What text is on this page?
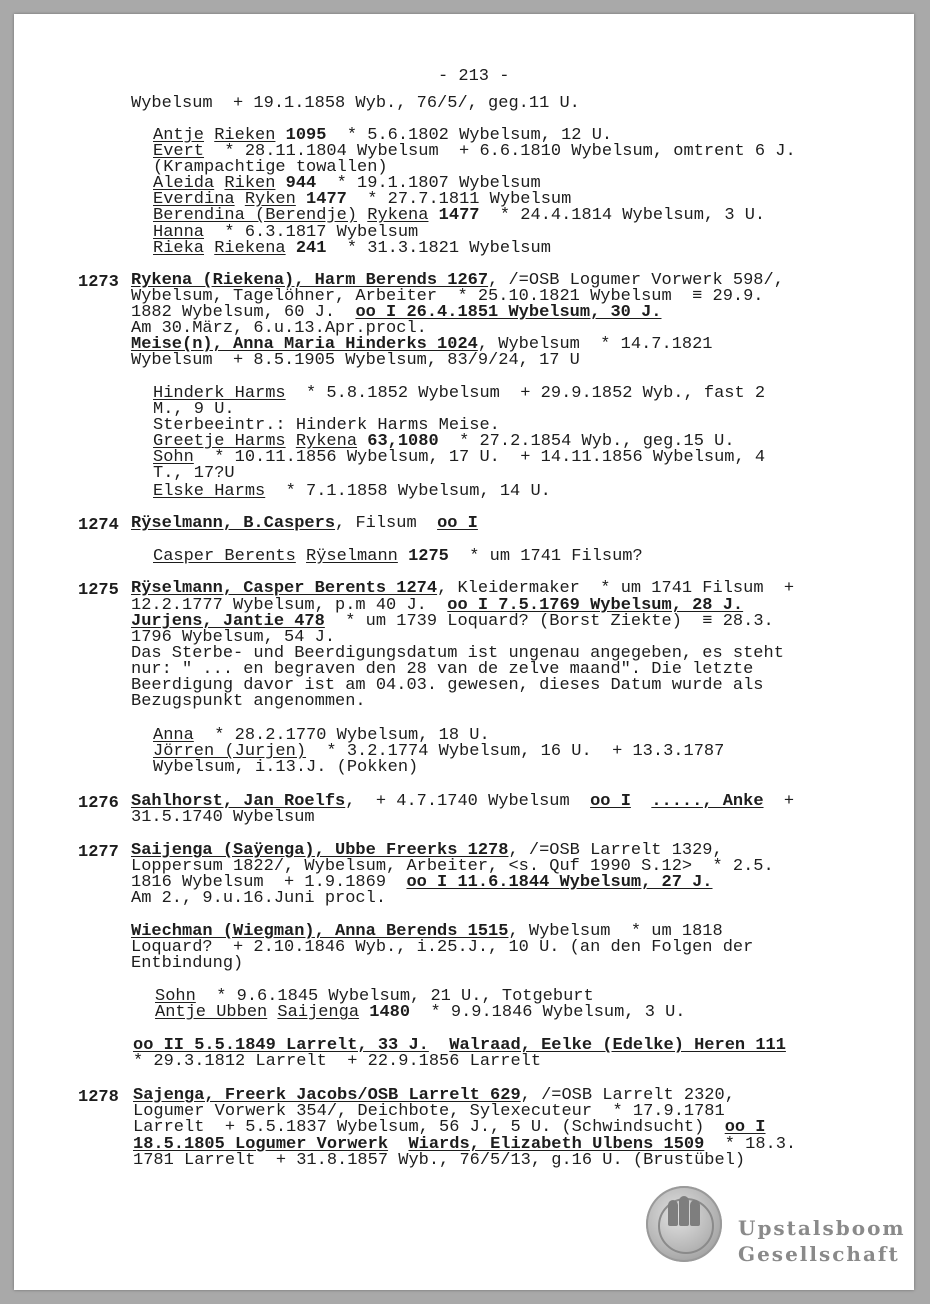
- 213 -
Wybelsum  + 19.1.1858 Wyb., 76/5/, geg.11 U.
Antje Rieken 1095  * 5.6.1802 Wybelsum, 12 U.
Evert  * 28.11.1804 Wybelsum  + 6.6.1810 Wybelsum, omtrent 6 J.
(Krampachtige towallen)
Aleida Riken 944  * 19.1.1807 Wybelsum
Everdina Ryken 1477  * 27.7.1811 Wybelsum
Berendina (Berendje) Rykena 1477  * 24.4.1814 Wybelsum, 3 U.
Hanna  * 6.3.1817 Wybelsum
Rieka Riekena 241  * 31.3.1821 Wybelsum
Rykena (Riekena), Harm Berends 1267, /=OSB Logumer Vorwerk 598/,
Wybelsum, Tagelöhner, Arbeiter  * 25.10.1821 Wybelsum  ≡ 29.9.
1882 Wybelsum, 60 J.  oo I 26.4.1851 Wybelsum, 30 J.
Am 30.März, 6.u.13.Apr.procl.
Meise(n), Anna Maria Hinderks 1024, Wybelsum  * 14.7.1821
Wybelsum  + 8.5.1905 Wybelsum, 83/9/24, 17 U
Hinderk Harms  * 5.8.1852 Wybelsum  + 29.9.1852 Wyb., fast 2
M., 9 U.
Sterbeeintr.: Hinderk Harms Meise.
Greetje Harms Rykena 63,1080  * 27.2.1854 Wyb., geg.15 U.
Sohn  * 10.11.1856 Wybelsum, 17 U.  + 14.11.1856 Wybelsum, 4
T., 17?U
Elske Harms  * 7.1.1858 Wybelsum, 14 U.
Rÿselmann, B.Caspers, Filsum  oo I
Casper Berents Rÿselmann 1275  * um 1741 Filsum?
Rÿselmann, Casper Berents 1274, Kleidermaker  * um 1741 Filsum  +
12.2.1777 Wybelsum, p.m 40 J.  oo I 7.5.1769 Wybelsum, 28 J.
Jurjens, Jantie 478  * um 1739 Loquard? (Borst Ziekte)  ≡ 28.3.
1796 Wybelsum, 54 J.
Das Sterbe- und Beerdigungsdatum ist ungenau angegeben, es steht
nur: " ... en begraven den 28 van de zelve maand". Die letzte
Beerdigung davor ist am 04.03. gewesen, dieses Datum wurde als
Bezugspunkt angenommen.
Anna  * 28.2.1770 Wybelsum, 18 U.
Jörren (Jurjen)  * 3.2.1774 Wybelsum, 16 U.  + 13.3.1787
Wybelsum, i.13.J. (Pokken)
Sahlhorst, Jan Roelfs,  + 4.7.1740 Wybelsum  oo I ....., Anke  +
31.5.1740 Wybelsum
Saijenga (Saÿenga), Ubbe Freerks 1278, /=OSB Larrelt 1329,
Loppersum 1822/, Wybelsum, Arbeiter, <s. Quf 1990 S.12>  * 2.5.
1816 Wybelsum  + 1.9.1869  oo I 11.6.1844 Wybelsum, 27 J.
Am 2., 9.u.16.Juni procl.
Wiechman (Wiegman), Anna Berends 1515, Wybelsum  * um 1818
Loquard?  + 2.10.1846 Wyb., i.25.J., 10 U. (an den Folgen der
Entbindung)
Sohn  * 9.6.1845 Wybelsum, 21 U., Totgeburt
Antje Ubben Saijenga 1480  * 9.9.1846 Wybelsum, 3 U.
oo II 5.5.1849 Larrelt, 33 J. Walraad, Eelke (Edelke) Heren 111
* 29.3.1812 Larrelt  + 22.9.1856 Larrelt
Sajenga, Freerk Jacobs/OSB Larrelt 629, /=OSB Larrelt 2320,
Logumer Vorwerk 354/, Deichbote, Sylexecuteur  * 17.9.1781
Larrelt  + 5.5.1837 Wybelsum, 56 J., 5 U. (Schwindsucht)  oo I
18.5.1805 Logumer Vorwerk Wiards, Elizabeth Ulbens 1509  * 18.3.
1781 Larrelt  + 31.8.1857 Wyb., 76/5/13, g.16 U. (Brustübel)
1273
1274
1275
1276
1277
1278
Upstalsboom
Gesellschaft
